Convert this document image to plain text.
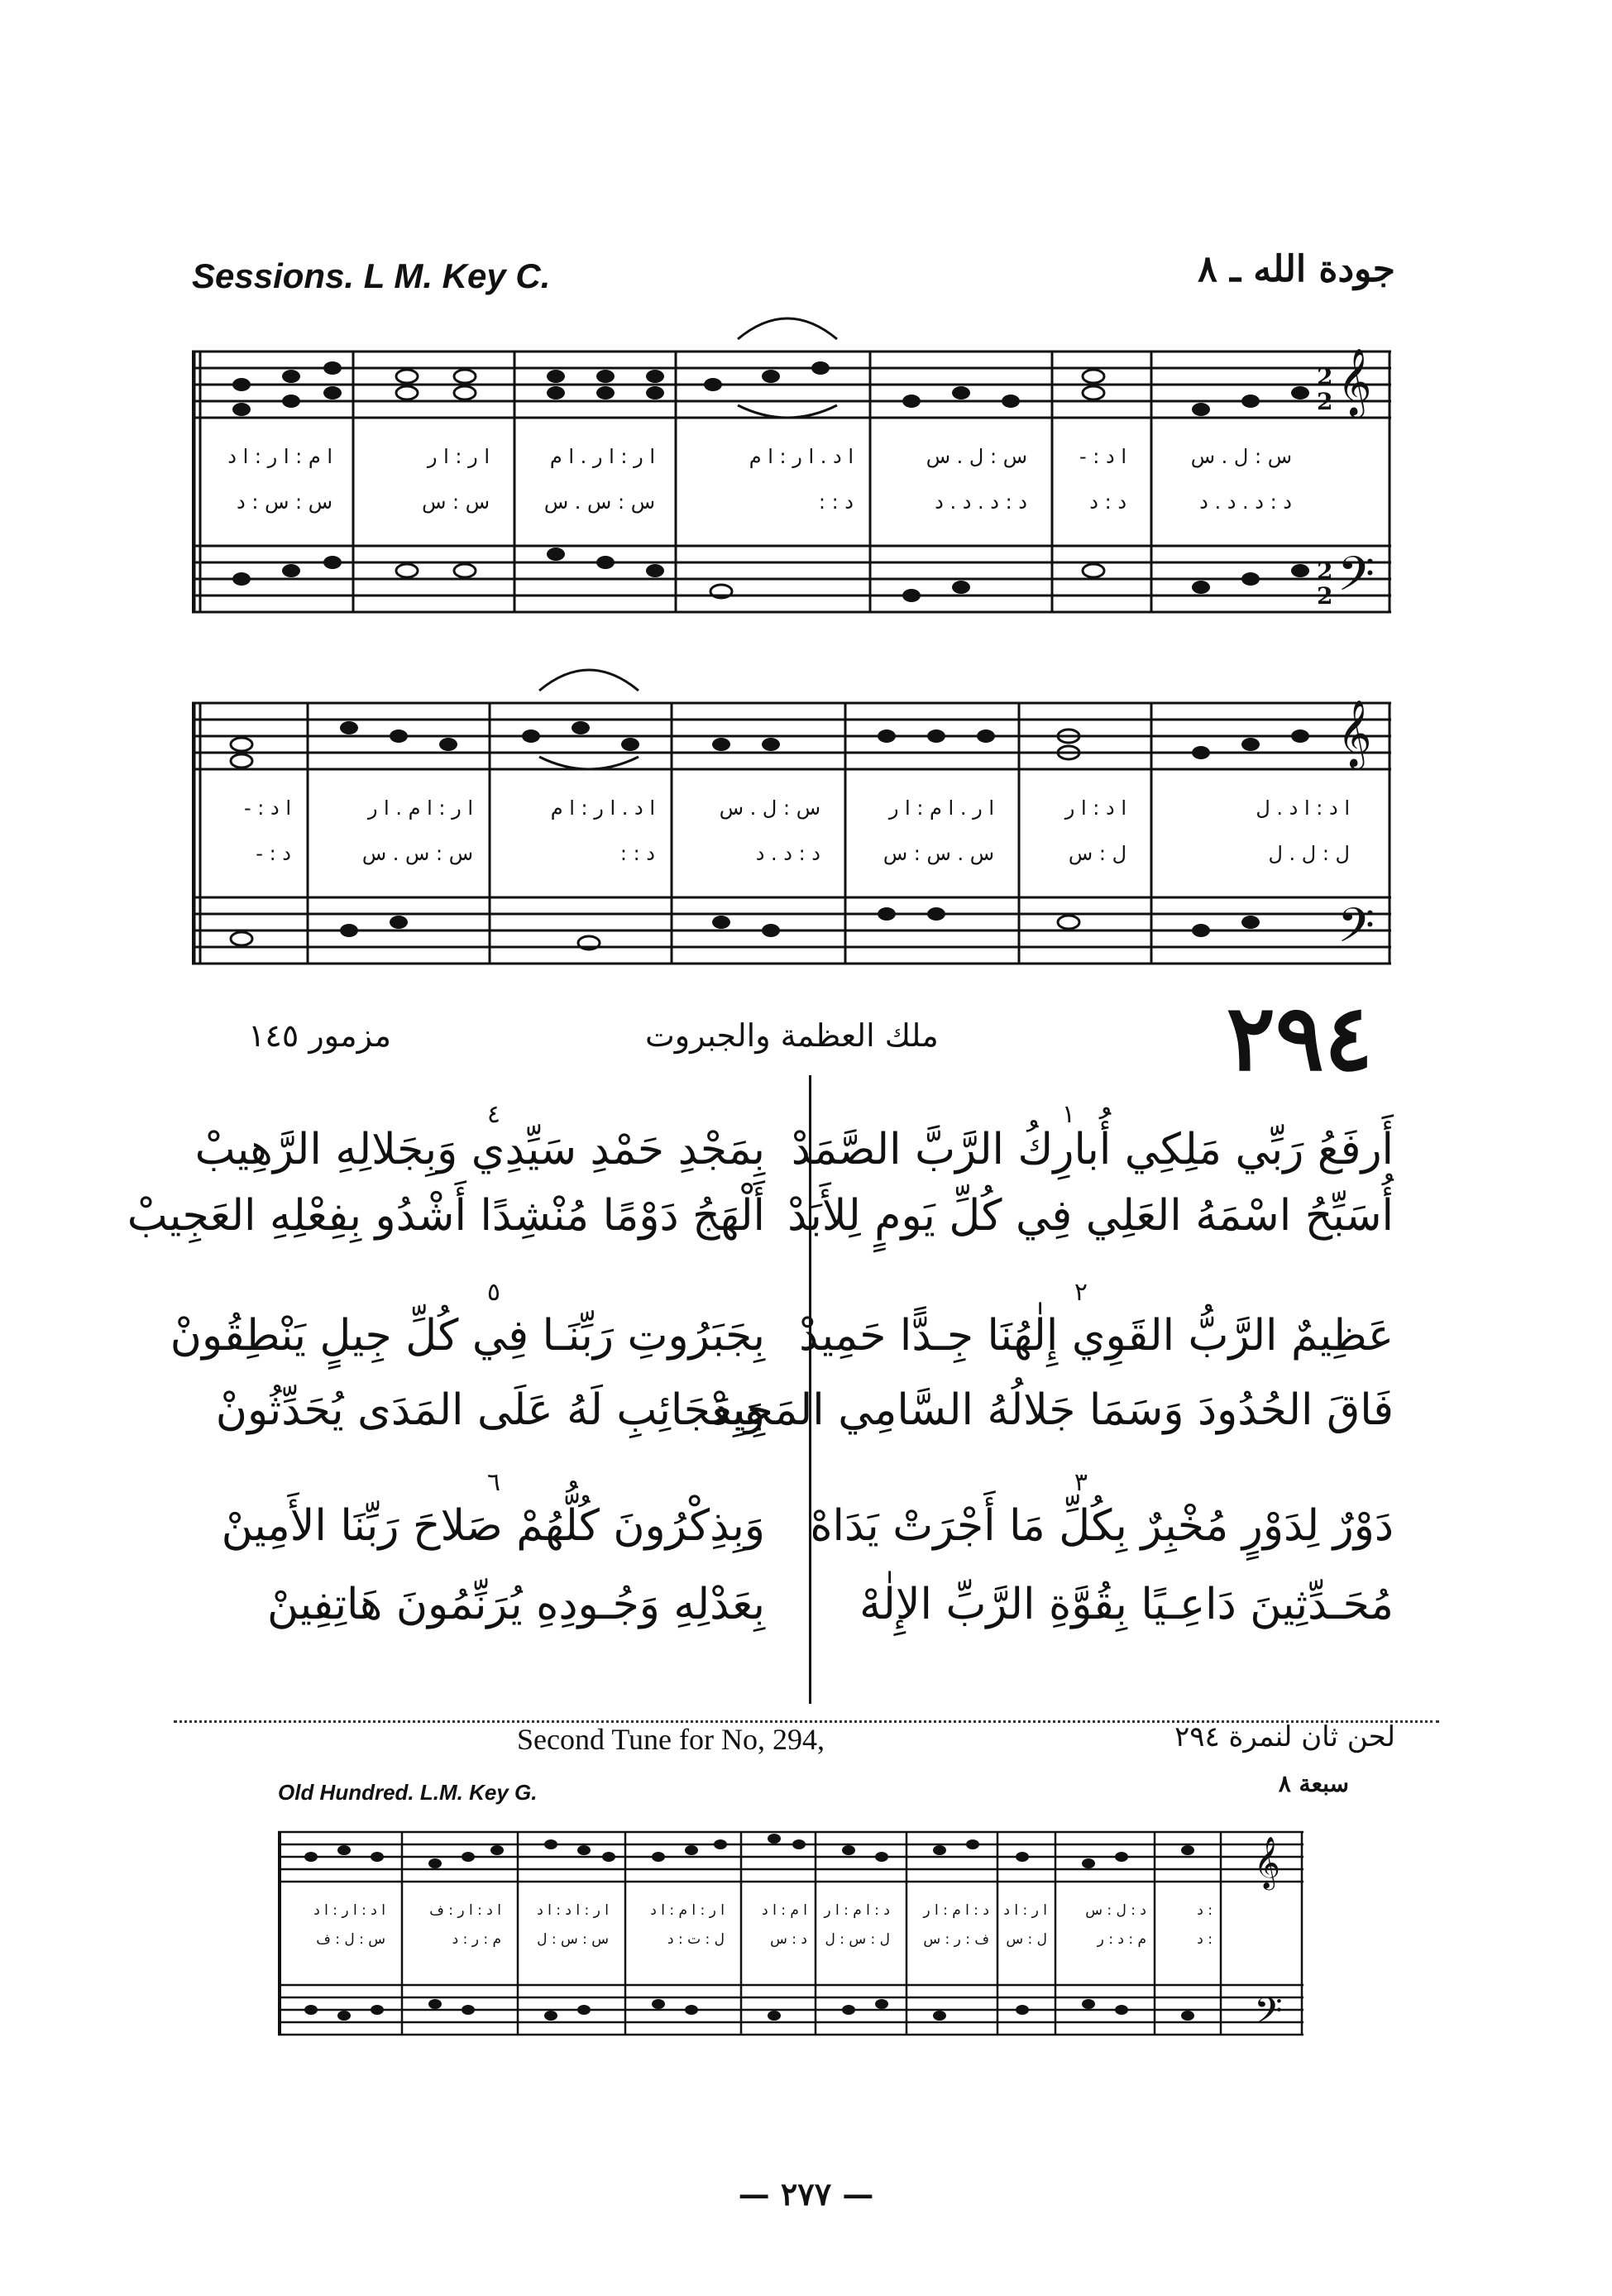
Sessions. L M. Key C.	جودة الله ـ ٨
𝄞
𝄢
2
2
2
2
س : ل . س
د : د . د . د
ا د : -
د : د
س : ل . س
د : د . د . د
ا د . ا ر : ا م
د : :
ا ر : ا ر . ا م
س : س . س
ا ر : ا ر
س : س
ا م : ا ر : ا د
س : س : د
𝄞
𝄢
ا د : ا د . ل
ل : ل . ل
ا د : ا ر
ل : س
ا ر . ا م : ا ر
س . س : س
س : ل . س
د : د . د
ا د . ا ر : ا م
د : :
ا ر : ا م . ا ر
س : س . س
ا د : -
د : -
٢٩٤
ملك العظمة والجبروت
مزمور ١٤٥
١
أَرفَعُ رَبِّي مَلِكِي أُبارِكُ الرَّبَّ الصَّمَدْ
أُسَبِّحُ اسْمَهُ العَلِي فِي كُلِّ يَومٍ لِلأَبَدْ
٢
عَظِيمٌ الرَّبُّ القَوِي إِلٰهُنَا جِـدًّا حَمِيدْ
فَاقَ الحُدُودَ وَسَمَا جَلالُهُ السَّامِي المَجِيدْ
٣
دَوْرٌ لِدَوْرٍ مُخْبِرٌ بِكُلِّ مَا أَجْرَتْ يَدَاهْ
مُحَـدِّثِينَ دَاعِـيًا بِقُوَّةِ الرَّبِّ الإِلٰهْ
٤
بِمَجْدِ حَمْدِ سَيِّدِي وَبِجَلالِهِ الرَّهِيبْ
أَلْهَجُ دَوْمًا مُنْشِدًا أَشْدُو بِفِعْلِهِ العَجِيبْ
٥
بِجَبَرُوتِ رَبِّنَـا فِي كُلِّ جِيلٍ يَنْطِقُونْ
وَبِعَجَائِبِ لَهُ عَلَى المَدَى يُحَدِّثُونْ
٦
وَبِذِكْرُونَ كُلُّهُمْ صَلاحَ رَبِّنَا الأَمِينْ
بِعَدْلِهِ وَجُـودِهِ يُرَنِّمُونَ هَاتِفِينْ
Second Tune for No, 294,	لحن ثان لنمرة ٢٩٤
Old Hundred. L.M. Key G.	سبعة ٨
𝄞
𝄢
ا د : ا ر : ا د
س : ل : ف
ا د : ا ر : ف
م : ر : د
ا ر : ا د : ا د
س : س : ل
ا ر : ا م : ا د
ل : ت : د
ا م : ا د
د : س
د : ا م : ا ر
ل : س : ل
د : ا م : ا ر
ف : ر : س
ا ر : ا د
ل : س
د : ل : س
م : د : ر
: د
: د
— ٢٧٧ —
